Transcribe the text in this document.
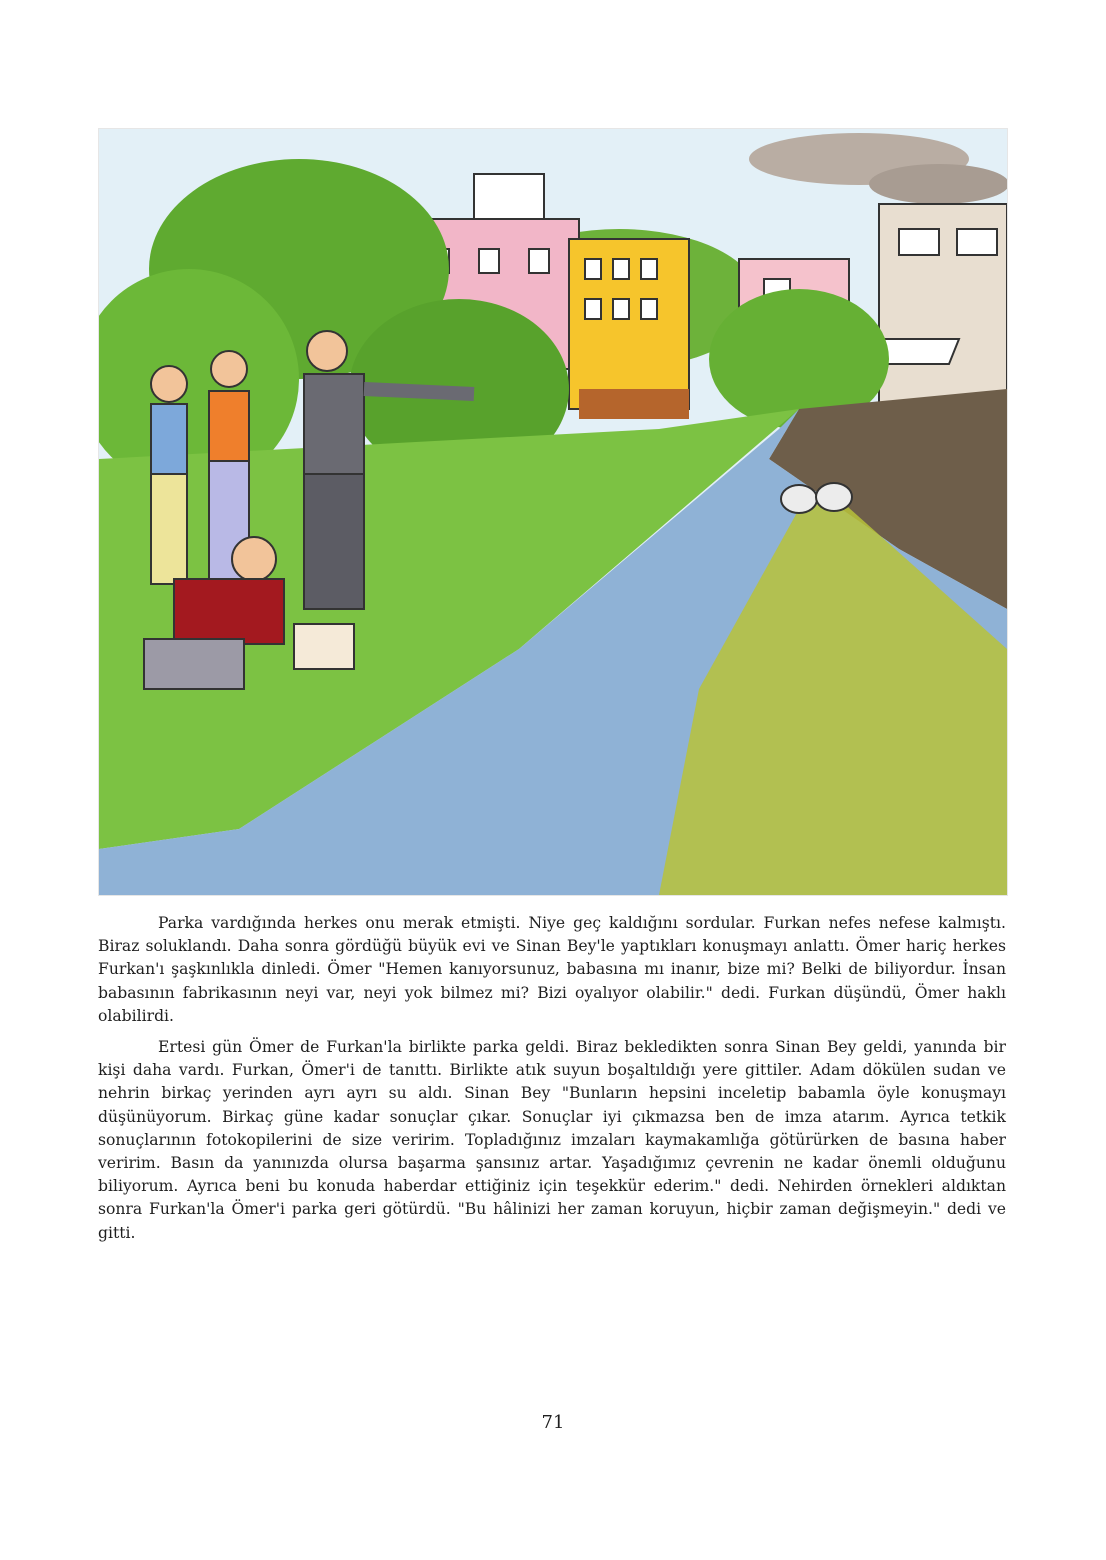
Parka vardığında herkes onu merak etmişti. Niye geç kaldığını sordular. Furkan nefes nefese kalmıştı. Biraz soluklandı. Daha sonra gördüğü büyük evi ve Sinan Bey'le yaptıkları konuşmayı anlattı. Ömer hariç herkes Furkan'ı şaşkınlıkla dinledi. Ömer "Hemen kanıyorsunuz, babasına mı inanır, bize mi? Belki de biliyordur. İnsan babasının fabrikasının neyi var, neyi yok bilmez mi? Bizi oyalıyor olabilir." dedi. Furkan düşündü, Ömer haklı olabilirdi.

Ertesi gün Ömer de Furkan'la birlikte parka geldi. Biraz bekledikten sonra Sinan Bey geldi, yanında bir kişi daha vardı. Furkan, Ömer'i de tanıttı. Birlikte atık suyun boşaltıldığı yere gittiler. Adam dökülen sudan ve nehrin birkaç yerinden ayrı ayrı su aldı. Sinan Bey "Bunların hepsini inceletip babamla öyle konuşmayı düşünüyorum. Birkaç güne kadar sonuçlar çıkar. Sonuçlar iyi çıkmazsa ben de imza atarım. Ayrıca tetkik sonuçlarının fotokopilerini de size veririm. Topladığınız imzaları kaymakamlığa götürürken de basına haber veririm. Basın da yanınızda olursa başarma şansınız artar. Yaşadığımız çevrenin ne kadar önemli olduğunu biliyorum. Ayrıca beni bu konuda haberdar ettiğiniz için teşekkür ederim." dedi. Nehirden örnekleri aldıktan sonra Furkan'la Ömer'i parka geri götürdü. "Bu hâlinizi her zaman koruyun, hiçbir zaman değişmeyin." dedi ve gitti.

71
